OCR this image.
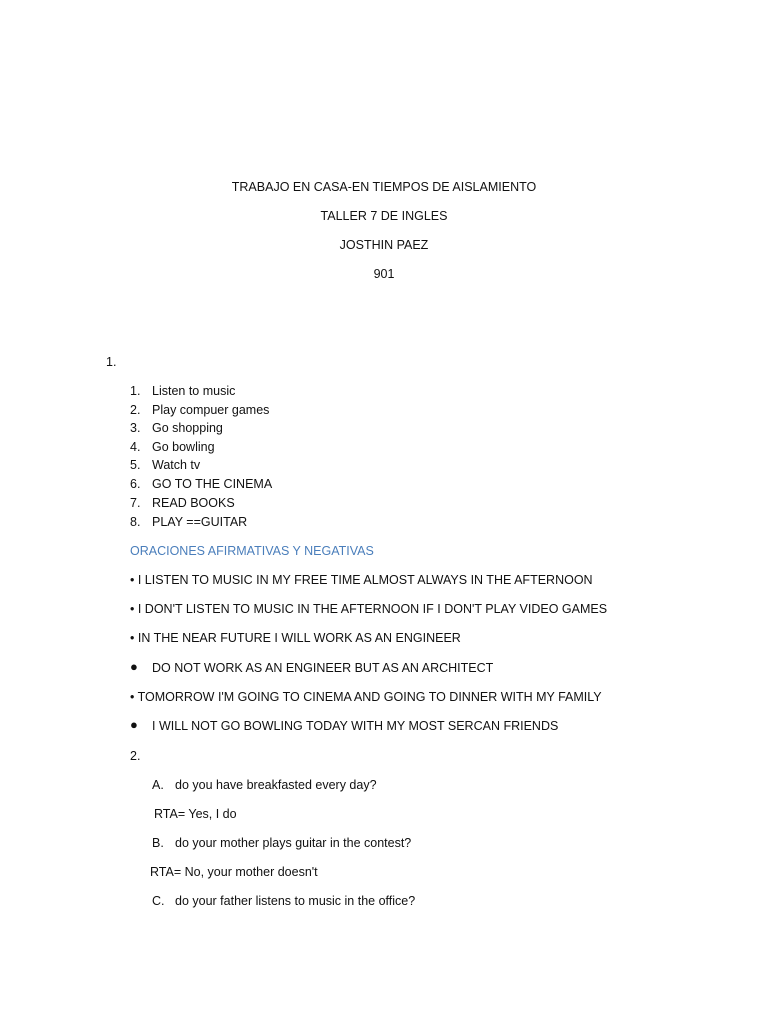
TRABAJO EN CASA-EN TIEMPOS DE AISLAMIENTO
TALLER 7 DE INGLES
JOSTHIN PAEZ
901
1.
1. Listen to music
2. Play compuer games
3. Go shopping
4. Go bowling
5. Watch tv
6. GO TO THE CINEMA
7. READ BOOKS
8. PLAY ==GUITAR
ORACIONES AFIRMATIVAS Y NEGATIVAS
• I LISTEN TO MUSIC IN MY FREE TIME ALMOST ALWAYS IN THE AFTERNOON
• I DON'T LISTEN TO MUSIC IN THE AFTERNOON IF I DON'T PLAY VIDEO GAMES
• IN THE NEAR FUTURE I WILL WORK AS AN ENGINEER
● DO NOT WORK AS AN ENGINEER BUT AS AN ARCHITECT
• TOMORROW I'M GOING TO CINEMA AND GOING TO DINNER WITH MY FAMILY
● I WILL NOT GO BOWLING TODAY WITH MY MOST SERCAN FRIENDS
2.
A. do you have breakfasted every day?
RTA= Yes, I do
B. do your mother plays guitar in the contest?
RTA= No, your mother doesn't
C. do your father listens to music in the office?
